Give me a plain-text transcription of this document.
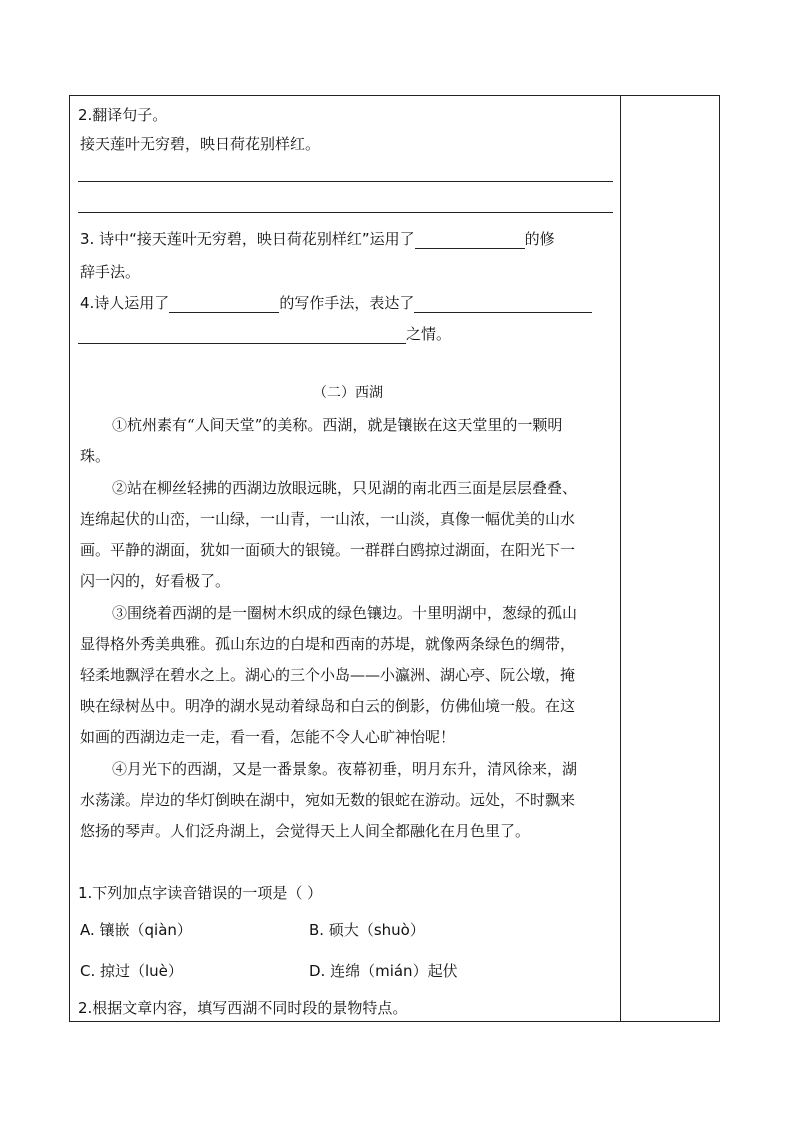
2.翻译句子。
接天莲叶无穷碧，映日荷花别样红。
3. 诗中“接天莲叶无穷碧，映日荷花别样红”运用了	的修
辞手法。
4.诗人运用了	的写作手法，表达了
之情。
（二）西湖
①杭州素有“人间天堂”的美称。西湖，就是镶嵌在这天堂里的一颗明
珠。
②站在柳丝轻拂的西湖边放眼远眺，只见湖的南北西三面是层层叠叠、
连绵起伏的山峦，一山绿，一山青，一山浓，一山淡，真像一幅优美的山水
画。平静的湖面，犹如一面硕大的银镜。一群群白鸥掠过湖面，在阳光下一
闪一闪的，好看极了。
③围绕着西湖的是一圈树木织成的绿色镶边。十里明湖中，葱绿的孤山
显得格外秀美典雅。孤山东边的白堤和西南的苏堤，就像两条绿色的绸带，
轻柔地飘浮在碧水之上。湖心的三个小岛——小瀛洲、湖心亭、阮公墩，掩
映在绿树丛中。明净的湖水晃动着绿岛和白云的倒影，仿佛仙境一般。在这
如画的西湖边走一走，看一看，怎能不令人心旷神怡呢！
④月光下的西湖，又是一番景象。夜幕初垂，明月东升，清风徐来，湖
水荡漾。岸边的华灯倒映在湖中，宛如无数的银蛇在游动。远处，不时飘来
悠扬的琴声。人们泛舟湖上，会觉得天上人间全都融化在月色里了。
1.下列加点字读音错误的一项是（ ）
A. 镶嵌（qiàn）	B. 硕大（shuò）
C. 掠过（luè）	D. 连绵（mián）起伏
2.根据文章内容，填写西湖不同时段的景物特点。
